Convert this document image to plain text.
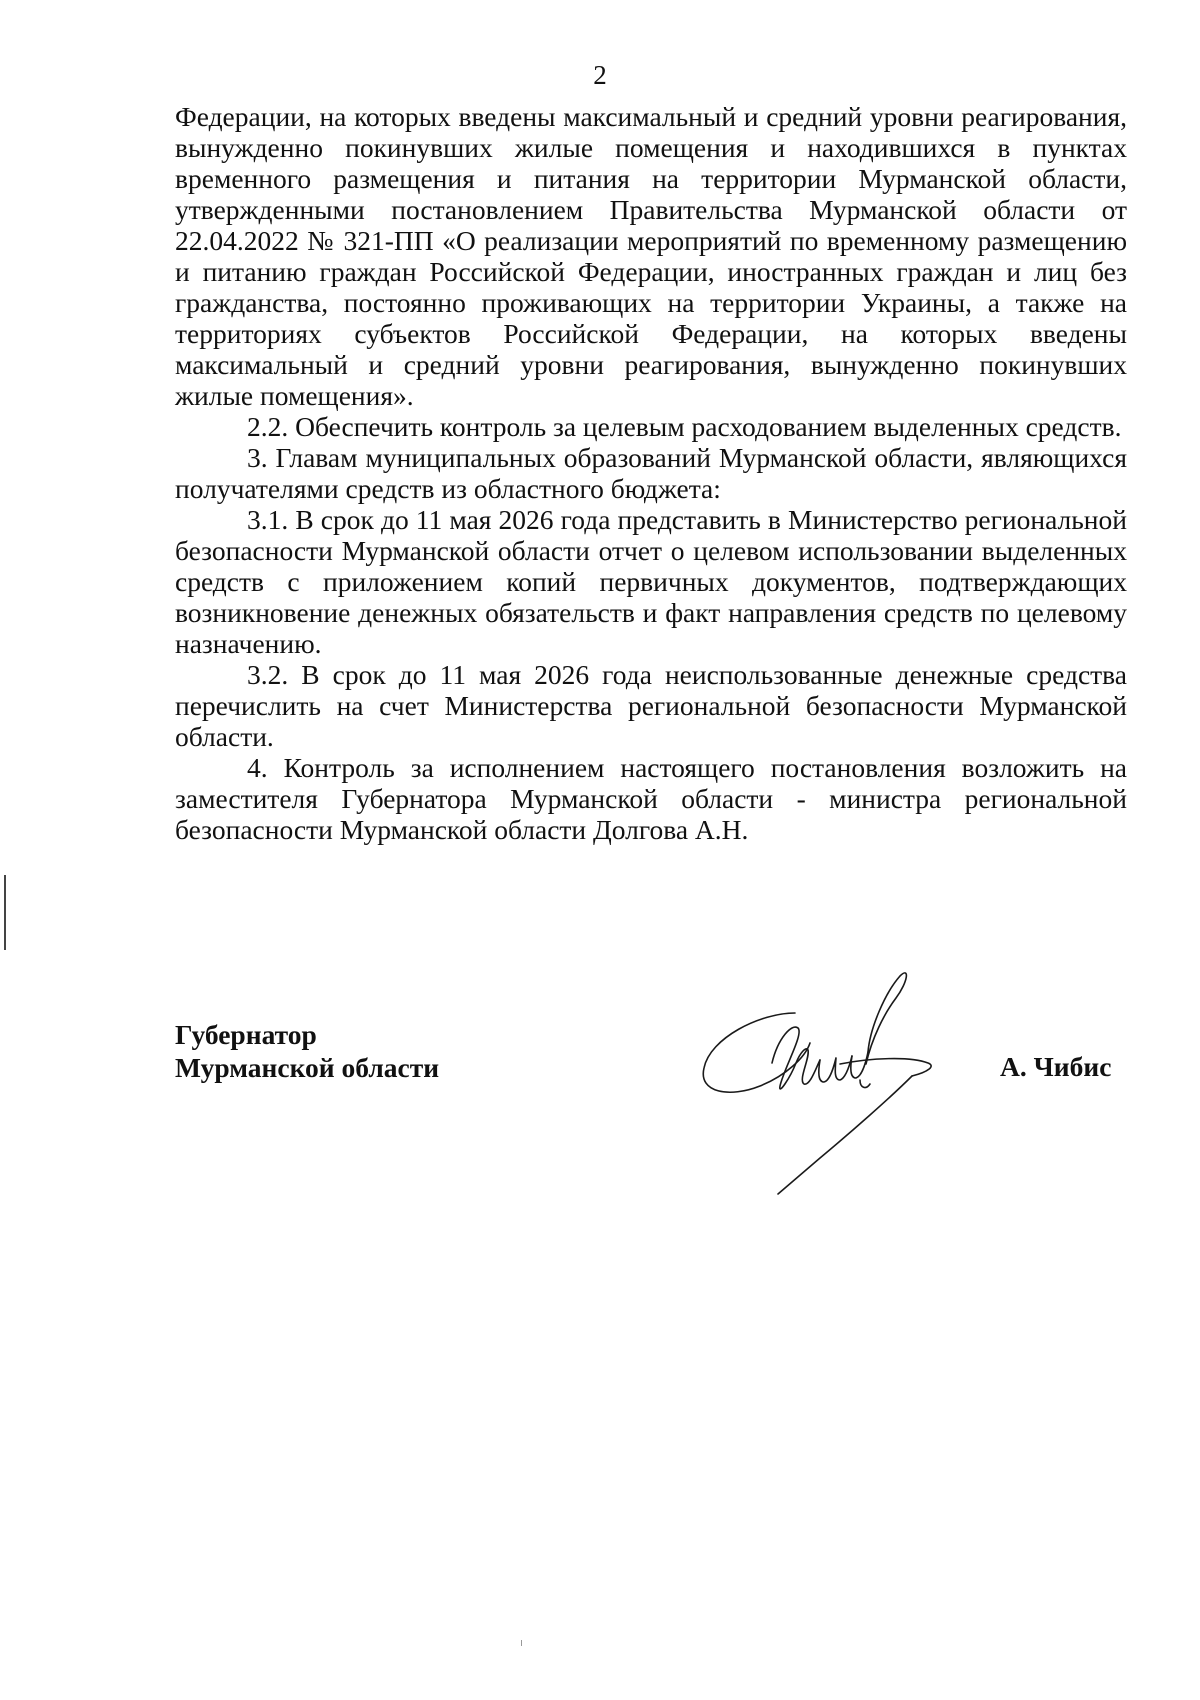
2

Федерации, на которых введены максимальный и средний уровни реагирования, вынужденно покинувших жилые помещения и находившихся в пунктах временного размещения и питания на территории Мурманской области, утвержденными постановлением Правительства Мурманской области от 22.04.2022 № 321-ПП «О реализации мероприятий по временному размещению и питанию граждан Российской Федерации, иностранных граждан и лиц без гражданства, постоянно проживающих на территории Украины, а также на территориях субъектов Российской Федерации, на которых введены максимальный и средний уровни реагирования, вынужденно покинувших жилые помещения».

2.2. Обеспечить контроль за целевым расходованием выделенных средств.

3. Главам муниципальных образований Мурманской области, являющихся получателями средств из областного бюджета:

3.1. В срок до 11 мая 2026 года представить в Министерство региональной безопасности Мурманской области отчет о целевом использовании выделенных средств с приложением копий первичных документов, подтверждающих возникновение денежных обязательств и факт направления средств по целевому назначению.

3.2. В срок до 11 мая 2026 года неиспользованные денежные средства перечислить на счет Министерства региональной безопасности Мурманской области.

4. Контроль за исполнением настоящего постановления возложить на заместителя Губернатора Мурманской области - министра региональной безопасности Мурманской области Долгова А.Н.

Губернатор
Мурманской области	А. Чибис
